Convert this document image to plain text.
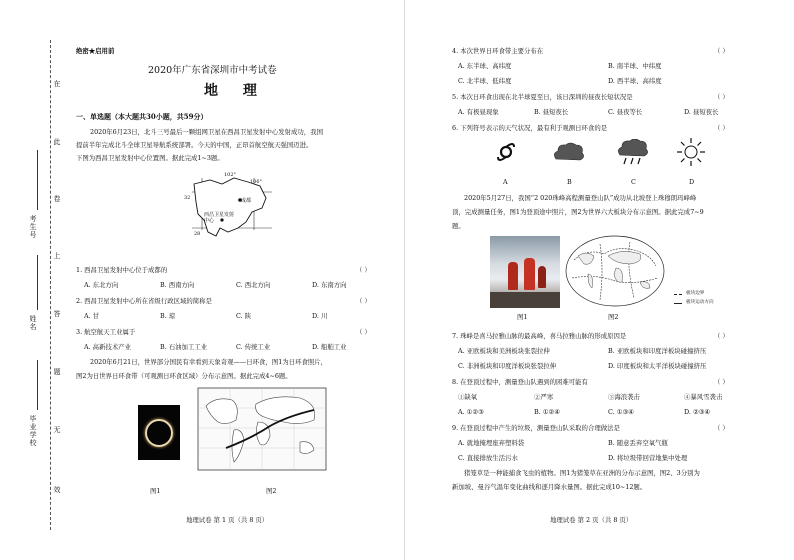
在
此
卷
上
答
题
无
效
考生号
姓名
毕业学校
绝密★启用前
2020年广东省深圳市中考试卷
地 理
一、单选题（本大题共30小题，共59分）
2020年6月23日，北斗三号最后一颗组网卫星在西昌卫星发射中心发射成功，我国
提前半年完成北斗全球卫星导航系统部署。今天的中国，正昂首航空航天强国迈进。
下图为西昌卫星发射中心位置图。据此完成1~3题。
102°
106°
32
28
成都
西昌卫星发射中心
1. 西昌卫星发射中心位于成都的	（ ）
A. 东北方向	B. 西南方向	C. 西北方向	D. 东南方向
2. 西昌卫星发射中心所在省级行政区域的简称是	（ ）
A. 甘	B. 琼	C. 陕	D. 川
3. 航空航天工业属于	（ ）
A. 高新技术产业	B. 石油加工工业	C. 传统工业	D. 船舶工业
2020年6月21日，世界部分国民有幸看到天象奇观——日环食，图1为日环食照片，
图2为日世界日环食带（可观测日环食区域）分布示意图。据此完成4~6题。
图1	图2
地理试卷 第 1 页（共 8 页）
4. 本次世界日环食带主要分布在	（ ）
A. 东半球、高纬度	B. 南半球、中纬度
C. 北半球、低纬度	D. 西半球、高纬度
5. 本次日环食出现在北半球夏至日，该日深圳的昼夜长短状况是	（ ）
A. 有极昼现象	B. 昼短夜长	C. 昼夜等长	D. 昼短夜长
6. 下列符号表示的天气状况，最有利于观测日环食的是	（ ）
A	B	C	D
2020年5月27日，我国“2 020珠峰高程测量登山队”成功从北坡登上珠穆朗玛峰峰
顶，完成测量任务，图1为登顶途中照片，图2为世界六大板块分布示意图。据此完成7~9
题。
图1	图2
板块边界
板块运动方向
7. 珠峰是喜马拉雅山脉的最高峰，喜马拉雅山脉的形成原因是	（ ）
A. 亚欧板块和美洲板块张裂拉伸	B. 亚欧板块和印度洋板块碰撞挤压
C. 非洲板块和印度洋板块张裂拉伸	D. 印度板块和太平洋板块碰撞挤压
8. 在登顶过程中，测量登山队遇到的困难可能有	（ ）
①缺氧	②严寒	③海浪袭击	④暴风雪袭击
A. ①②③	B. ①②④	C. ①③④	D. ②③④
9. 在登顶过程中产生的垃圾，测量登山队采取的合理做法是	（ ）
A. 就地掩埋座弃塑料袋	B. 随意丢弃空氧气瓶
C. 直接排放生活污水	D. 将垃圾带回营地集中处理
猪笼草是一种能捕食飞虫的植物。图1为猪笼草在亚洲的分布示意图，图2、3分别为
新加坡、曼谷气温年变化曲线和逐月降水量图。据此完成10~12题。
地理试卷 第 2 页（共 8 页）
